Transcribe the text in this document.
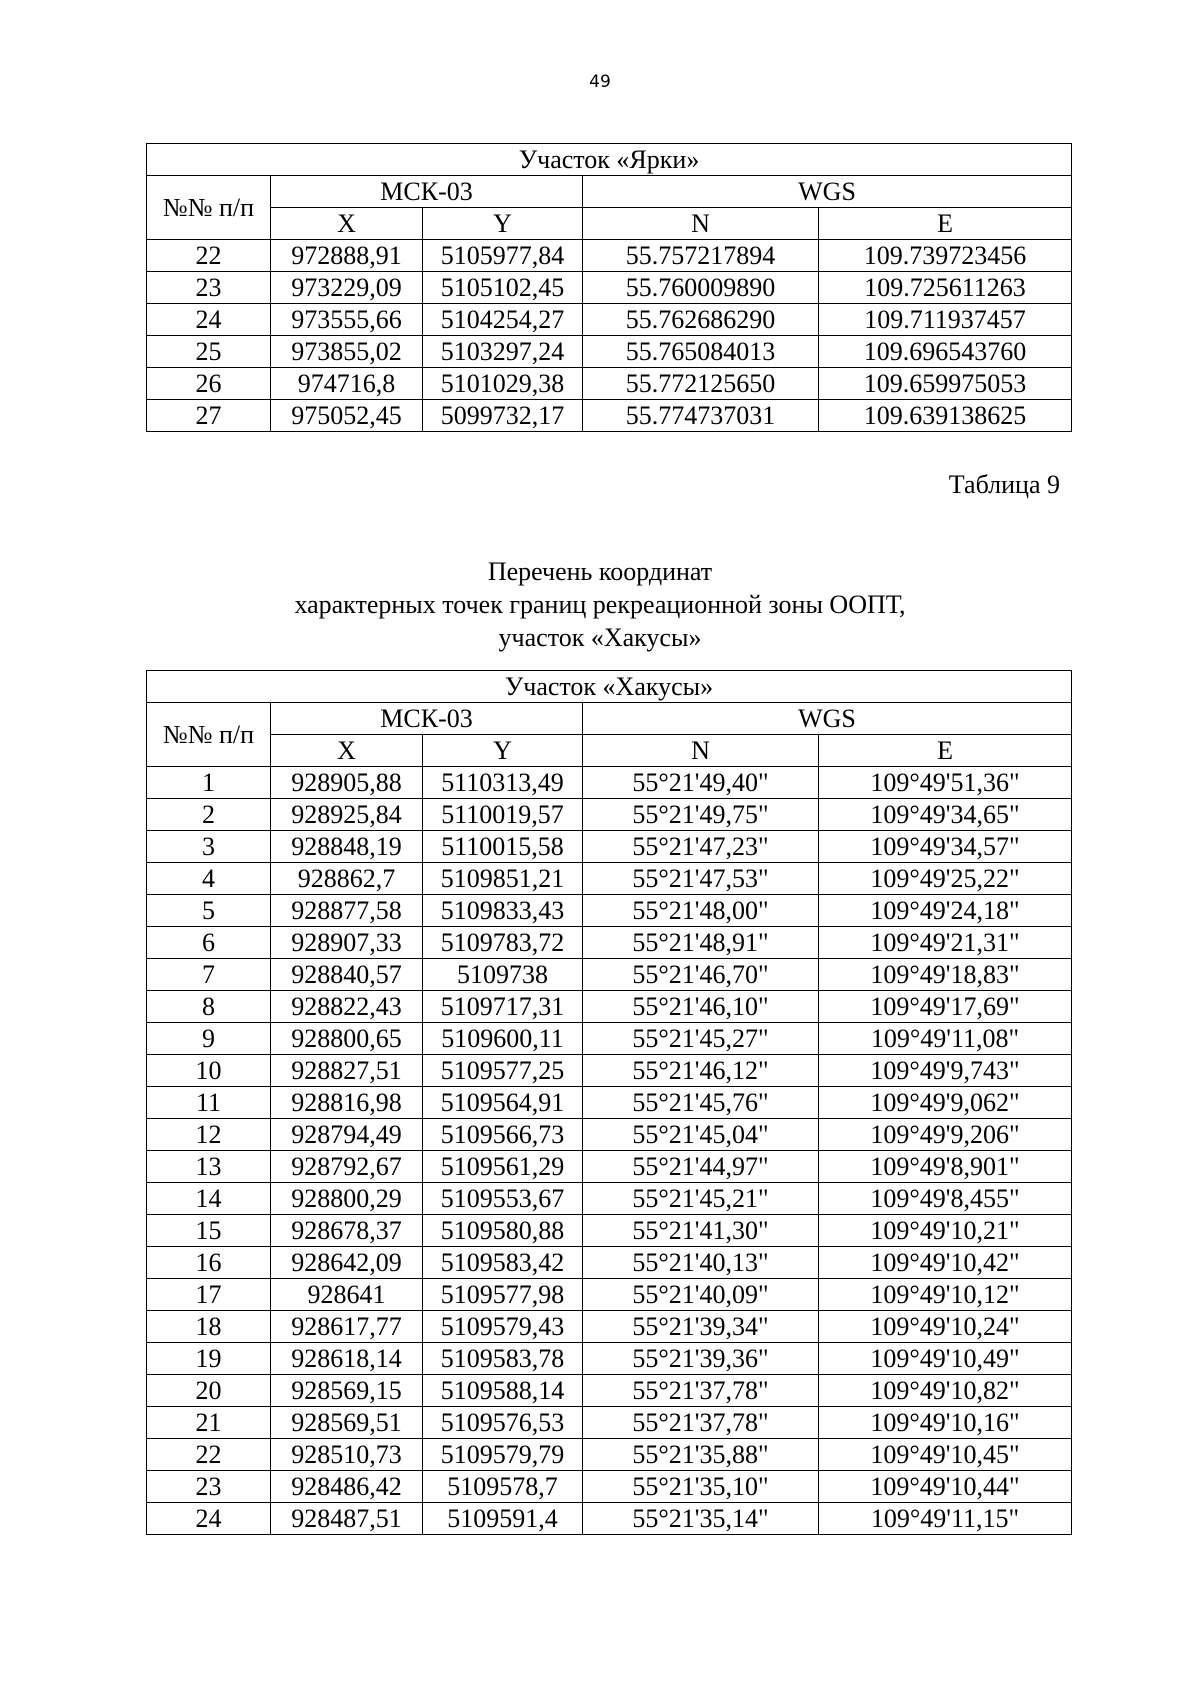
49
Участок «Ярки»				
№№ п/п	МСК-03		WGS	
	X	Y	N	E
22	972888,91	5105977,84	55.757217894	109.739723456
23	973229,09	5105102,45	55.760009890	109.725611263
24	973555,66	5104254,27	55.762686290	109.711937457
25	973855,02	5103297,24	55.765084013	109.696543760
26	974716,8	5101029,38	55.772125650	109.659975053
27	975052,45	5099732,17	55.774737031	109.639138625
Таблица 9
Перечень координат
характерных точек границ рекреационной зоны ООПТ,
участок «Хакусы»
Участок «Хакусы»				
№№ п/п	МСК-03		WGS	
	X	Y	N	E
1	928905,88	5110313,49	55°21'49,40"	109°49'51,36"
2	928925,84	5110019,57	55°21'49,75"	109°49'34,65"
3	928848,19	5110015,58	55°21'47,23"	109°49'34,57"
4	928862,7	5109851,21	55°21'47,53"	109°49'25,22"
5	928877,58	5109833,43	55°21'48,00"	109°49'24,18"
6	928907,33	5109783,72	55°21'48,91"	109°49'21,31"
7	928840,57	5109738	55°21'46,70"	109°49'18,83"
8	928822,43	5109717,31	55°21'46,10"	109°49'17,69"
9	928800,65	5109600,11	55°21'45,27"	109°49'11,08"
10	928827,51	5109577,25	55°21'46,12"	109°49'9,743"
11	928816,98	5109564,91	55°21'45,76"	109°49'9,062"
12	928794,49	5109566,73	55°21'45,04"	109°49'9,206"
13	928792,67	5109561,29	55°21'44,97"	109°49'8,901"
14	928800,29	5109553,67	55°21'45,21"	109°49'8,455"
15	928678,37	5109580,88	55°21'41,30"	109°49'10,21"
16	928642,09	5109583,42	55°21'40,13"	109°49'10,42"
17	928641	5109577,98	55°21'40,09"	109°49'10,12"
18	928617,77	5109579,43	55°21'39,34"	109°49'10,24"
19	928618,14	5109583,78	55°21'39,36"	109°49'10,49"
20	928569,15	5109588,14	55°21'37,78"	109°49'10,82"
21	928569,51	5109576,53	55°21'37,78"	109°49'10,16"
22	928510,73	5109579,79	55°21'35,88"	109°49'10,45"
23	928486,42	5109578,7	55°21'35,10"	109°49'10,44"
24	928487,51	5109591,4	55°21'35,14"	109°49'11,15"
